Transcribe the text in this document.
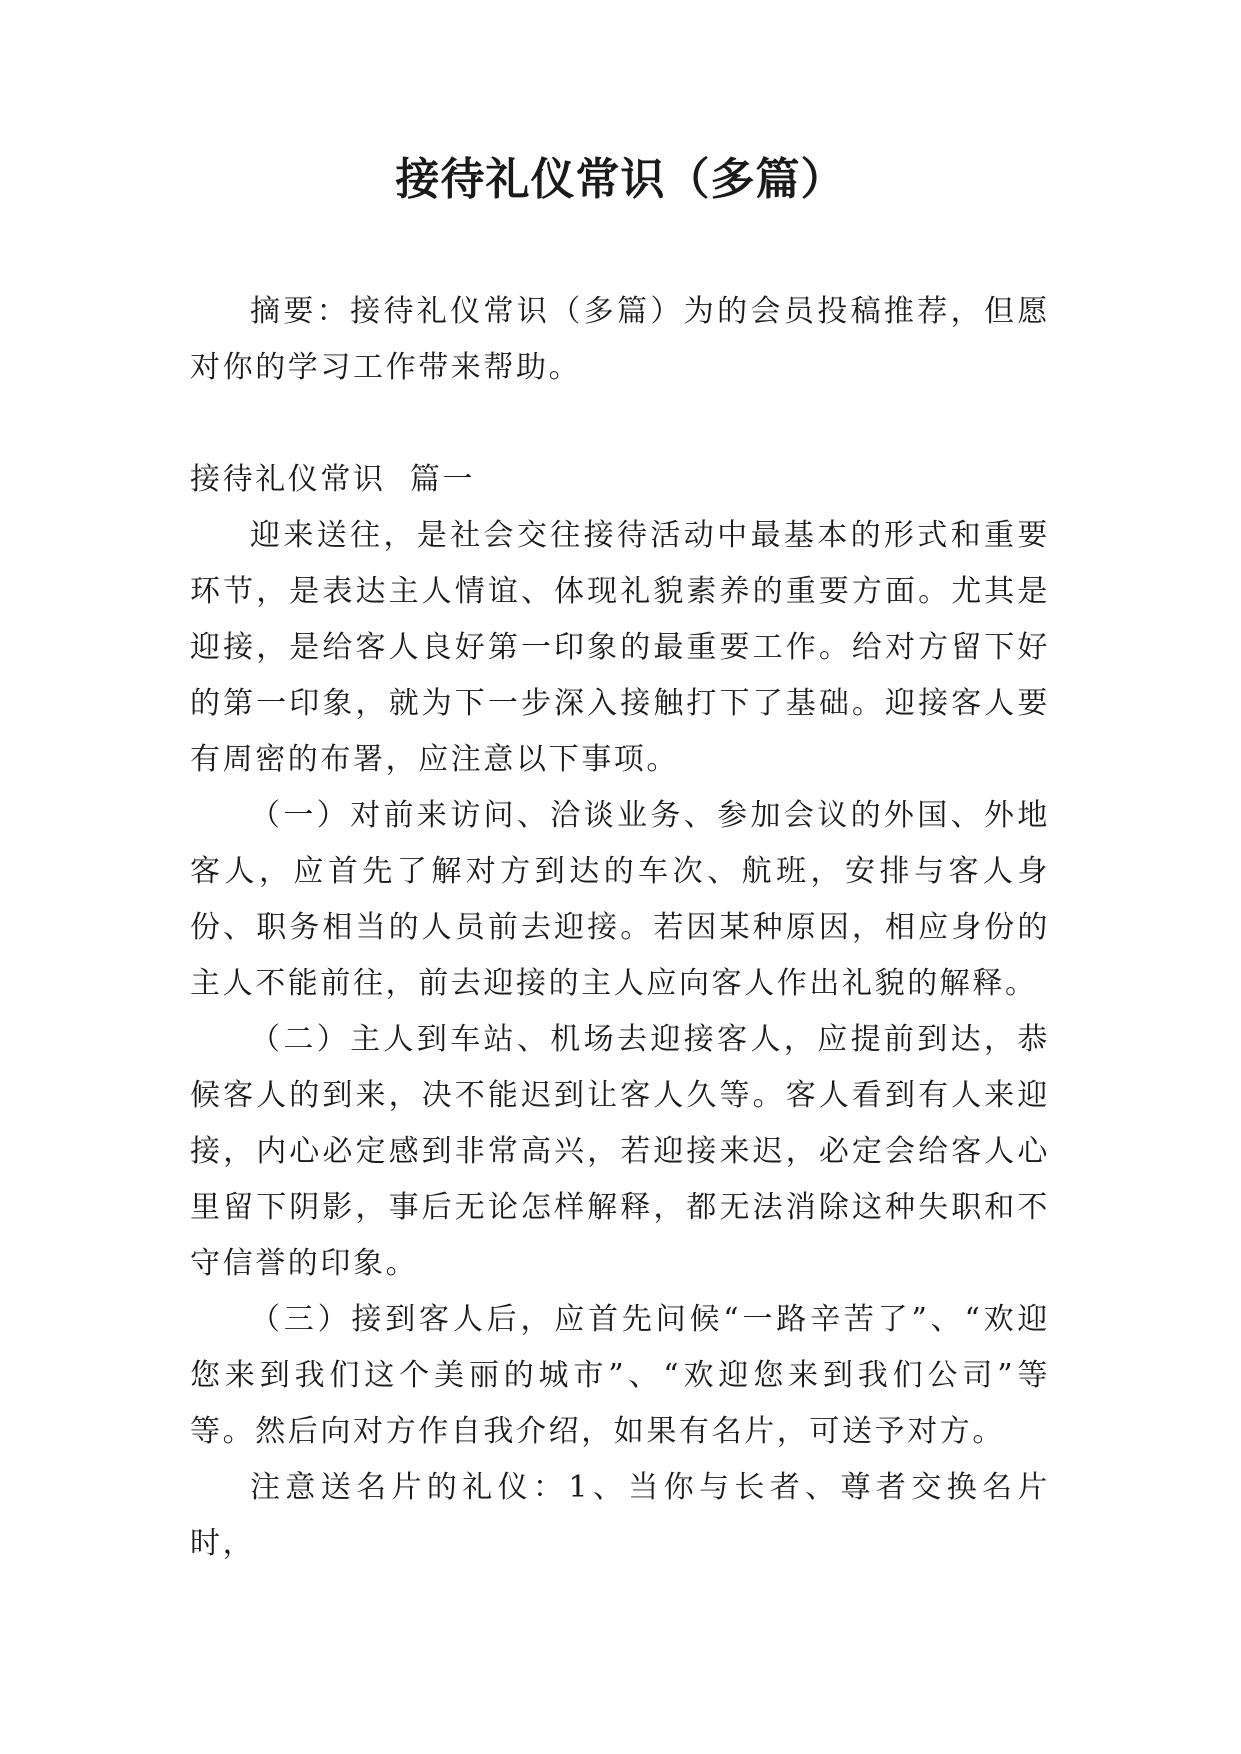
接待礼仪常识（多篇）

摘要：接待礼仪常识（多篇）为的会员投稿推荐，但愿对你的学习工作带来帮助。

接待礼仪常识  篇一

迎来送往，是社会交往接待活动中最基本的形式和重要环节，是表达主人情谊、体现礼貌素养的重要方面。尤其是迎接，是给客人良好第一印象的最重要工作。给对方留下好的第一印象，就为下一步深入接触打下了基础。迎接客人要有周密的布署，应注意以下事项。

（一）对前来访问、洽谈业务、参加会议的外国、外地客人，应首先了解对方到达的车次、航班，安排与客人身份、职务相当的人员前去迎接。若因某种原因，相应身份的主人不能前往，前去迎接的主人应向客人作出礼貌的解释。

（二）主人到车站、机场去迎接客人，应提前到达，恭候客人的到来，决不能迟到让客人久等。客人看到有人来迎接，内心必定感到非常高兴，若迎接来迟，必定会给客人心里留下阴影，事后无论怎样解释，都无法消除这种失职和不守信誉的印象。

（三）接到客人后，应首先问候“一路辛苦了”、“欢迎您来到我们这个美丽的城市”、“欢迎您来到我们公司”等等。然后向对方作自我介绍，如果有名片，可送予对方。

注意送名片的礼仪：1、当你与长者、尊者交换名片时，
